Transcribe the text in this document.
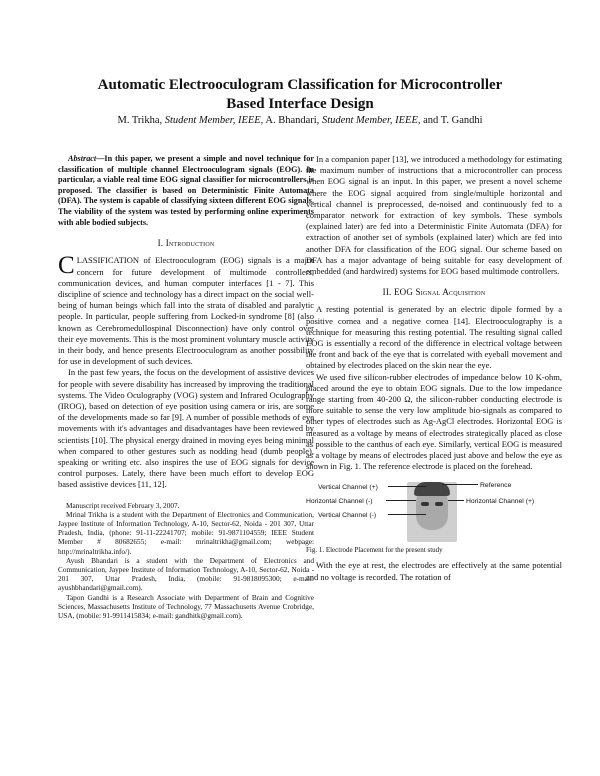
Automatic Electrooculogram Classification for Microcontroller
Based Interface Design

M. Trikha, Student Member, IEEE, A. Bhandari, Student Member, IEEE, and T. Gandhi

Abstract—In this paper, we present a simple and novel technique for classification of multiple channel Electrooculogram signals (EOG). In particular, a viable real time EOG signal classifier for microcontrollers is proposed. The classifier is based on Deterministic Finite Automata (DFA). The system is capable of classifying sixteen different EOG signals. The viability of the system was tested by performing online experiments with able bodied subjects.

I. Introduction

CLASSIFICATION of Electrooculogram (EOG) signals is a major concern for future development of multimode controllers, communication devices, and human computer interfaces [1 - 7]. This discipline of science and technology has a direct impact on the social well-being of human beings which fall into the strata of disabled and paralytic people. In particular, people suffering from Locked-in syndrome [8] (also known as Cerebromedullospinal Disconnection) have only control over their eye movements. This is the most prominent voluntary muscle activity in their body, and hence presents Electrooculogram as another possibility for use in development of such devices.

In the past few years, the focus on the development of assistive devices for people with severe disability has increased by improving the traditional systems. The Video Oculography (VOG) system and Infrared Oculography (IROG), based on detection of eye position using camera or iris, are some of the developments made so far [9]. A number of possible methods of eye movements with it's advantages and disadvantages have been reviewed by scientists [10]. The physical energy drained in moving eyes being minimal when compared to other gestures such as nodding head (dumb people), speaking or writing etc. also inspires the use of EOG signals for device control purposes. Lately, there have been much effort to develop EOG based assistive devices [11, 12].

Manuscript received February 3, 2007.

Mrinal Trikha is a student with the Department of Electronics and Communication, Jaypee Institute of Information Technology, A-10, Sector-62, Noida - 201 307, Uttar Pradesh, India, (phone: 91-11-22241707; mobile: 91-9871104559; IEEE Student Member # 80682655; e-mail: mrinaltrikha@gmail.com; webpage: http://mrinaltrikha.info/).

Ayush Bhandari is a student with the Department of Electronics and Communication, Jaypee Institute of Information Technology, A-10, Sector-62, Noida - 201 307, Uttar Pradesh, India, (mobile: 91-9818095300; e-mail: ayushbhandari@gmail.com).

Tapon Gandhi is a Research Associate with Department of Brain and Cognitive Sciences, Massachusetts Institute of Technology, 77 Massachusetts Avenue Crobridge, USA, (mobile: 91-9911415834; e-mail: gandhitk@gmail.com).

In a companion paper [13], we introduced a methodology for estimating the maximum number of instructions that a microcontroller can process when EOG signal is an input. In this paper, we present a novel scheme where the EOG signal acquired from single/multiple horizontal and vertical channel is preprocessed, de-noised and continuously fed to a comparator network for extraction of key symbols. These symbols (explained later) are fed into a Deterministic Finite Automata (DFA) for extraction of another set of symbols (explained later) which are fed into another DFA for classification of the EOG signal. Our scheme based on DFA has a major advantage of being suitable for easy development of embedded (and hardwired) systems for EOG based multimode controllers.

II. EOG Signal Acquisition

A resting potential is generated by an electric dipole formed by a positive cornea and a negative cornea [14]. Electrooculography is a technique for measuring this resting potential. The resulting signal called EOG is essentially a record of the difference in electrical voltage between the front and back of the eye that is correlated with eyeball movement and obtained by electrodes placed on the skin near the eye.

We used five silicon-rubber electrodes of impedance below 10 K-ohm, placed around the eye to obtain EOG signals. Due to the low impedance range starting from 40-200 Ω, the silicon-rubber conducting electrode is more suitable to sense the very low amplitude bio-signals as compared to other types of electrodes such as Ag-AgCl electrodes. Horizontal EOG is measured as a voltage by means of electrodes strategically placed as close as possible to the canthus of each eye. Similarly, vertical EOG is measured as a voltage by means of electrodes placed just above and below the eye as shown in Fig. 1. The reference electrode is placed on the forehead.

Vertical Channel (+)
Horizontal Channel (-)
Vertical Channel (-)
Reference
Horizontal Channel (+)

Fig. 1. Electrode Placement for the present study

With the eye at rest, the electrodes are effectively at the same potential and no voltage is recorded. The rotation of
